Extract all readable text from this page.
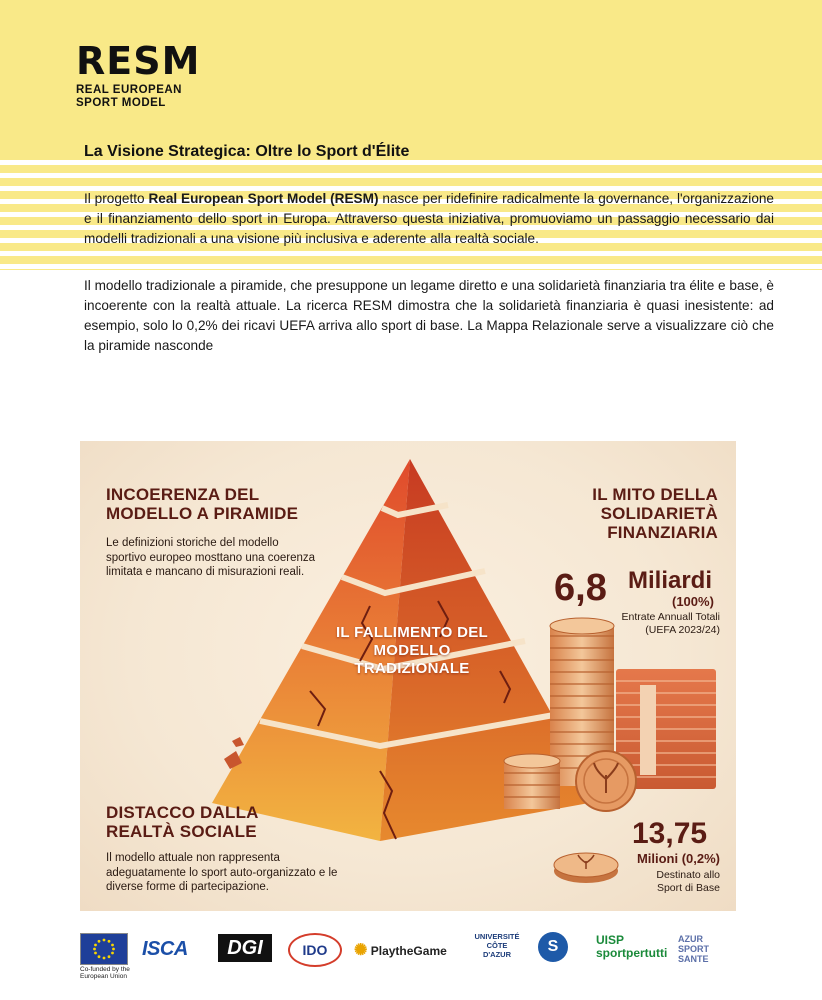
RESM
REAL EUROPEAN SPORT MODEL
La Visione Strategica: Oltre lo Sport d'Élite
Il progetto Real European Sport Model (RESM) nasce per ridefinire radicalmente la governance, l'organizzazione e il finanziamento dello sport in Europa. Attraverso questa iniziativa, promuoviamo un passaggio necessario dai modelli tradizionali a una visione più inclusiva e aderente alla realtà sociale.
Il modello tradizionale a piramide, che presuppone un legame diretto e una solidarietà finanziaria tra élite e base, è incoerente con la realtà attuale. La ricerca RESM dimostra che la solidarietà finanziaria è quasi inesistente: ad esempio, solo lo 0,2% dei ricavi UEFA arriva allo sport di base. La Mappa Relazionale serve a visualizzare ciò che la piramide nasconde
INCOERENZA DEL MODELLO A PIRAMIDE
Le definizioni storiche del modello sportivo europeo mosttano una coerenza limitata e mancano di misurazioni reali.
IL MITO DELLA SOLIDARIETÀ FINANZIARIA
6,8 Miliardi
(100%)
Entrate Annuall Totali (UEFA 2023/24)
IL FALLIMENTO DEL MODELLO TRADIZIONALE
DISTACCO DALLA REALTÀ SOCIALE
Il modello attuale non rappresenta adeguatamente lo sport auto-organizzato e le diverse forme di partecipazione.
13,75
Milioni (0,2%)
Destinato allo Sport di Base
Co-funded by the European Union
ISCA	DGI	IDO	✺ PlaytheGame
UNIVERSITÉ CÔTE D'AZUR	S	UISP
sportpertutti
AZUR SPORT SANTE
